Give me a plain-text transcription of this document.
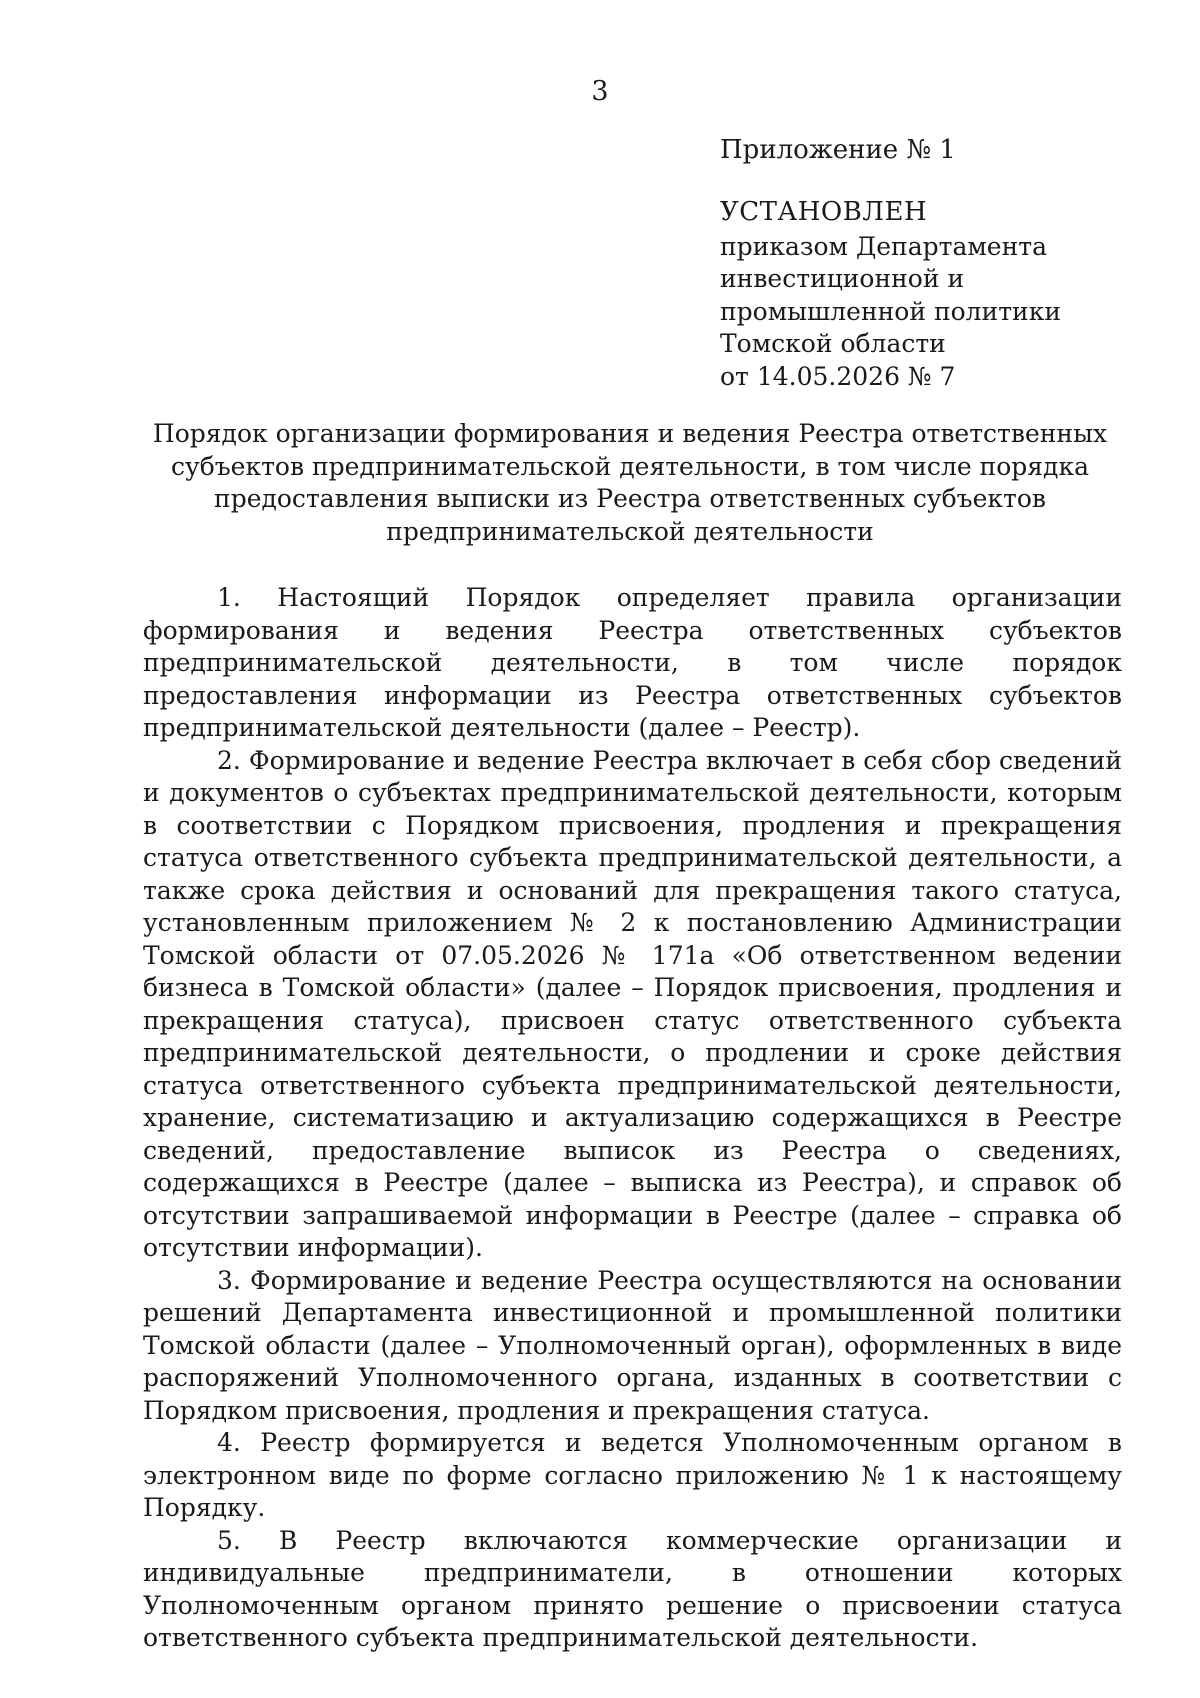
3
Приложение № 1
УСТАНОВЛЕН
приказом Департамента
инвестиционной и
промышленной политики
Томской области
от 14.05.2026 № 7
Порядок организации формирования и ведения Реестра ответственных
субъектов предпринимательской деятельности, в том числе порядка
предоставления выписки из Реестра ответственных субъектов
предпринимательской деятельности

1. Настоящий Порядок определяет правила организации формирования и ведения Реестра ответственных субъектов предпринимательской деятельности, в том числе порядок предоставления информации из Реестра ответственных субъектов предпринимательской деятельности (далее – Реестр).

2. Формирование и ведение Реестра включает в себя сбор сведений и документов о субъектах предпринимательской деятельности, которым в соответствии с Порядком присвоения, продления и прекращения статуса ответственного субъекта предпринимательской деятельности, а также срока действия и оснований для прекращения такого статуса, установленным приложением № 2 к постановлению Администрации Томской области от 07.05.2026 № 171а «Об ответственном ведении бизнеса в Томской области» (далее – Порядок присвоения, продления и прекращения статуса), присвоен статус ответственного субъекта предпринимательской деятельности, о продлении и сроке действия статуса ответственного субъекта предпринимательской деятельности, хранение, систематизацию и актуализацию содержащихся в Реестре сведений, предоставление выписок из Реестра о сведениях, содержащихся в Реестре (далее – выписка из Реестра), и справок об отсутствии запрашиваемой информации в Реестре (далее – справка об отсутствии информации).

3. Формирование и ведение Реестра осуществляются на основании решений Департамента инвестиционной и промышленной политики Томской области (далее – Уполномоченный орган), оформленных в виде распоряжений Уполномоченного органа, изданных в соответствии с Порядком присвоения, продления и прекращения статуса.

4. Реестр формируется и ведется Уполномоченным органом в электронном виде по форме согласно приложению № 1 к настоящему Порядку.

5. В Реестр включаются коммерческие организации и индивидуальные предприниматели, в отношении которых Уполномоченным органом принято решение о присвоении статуса ответственного субъекта предпринимательской деятельности.
